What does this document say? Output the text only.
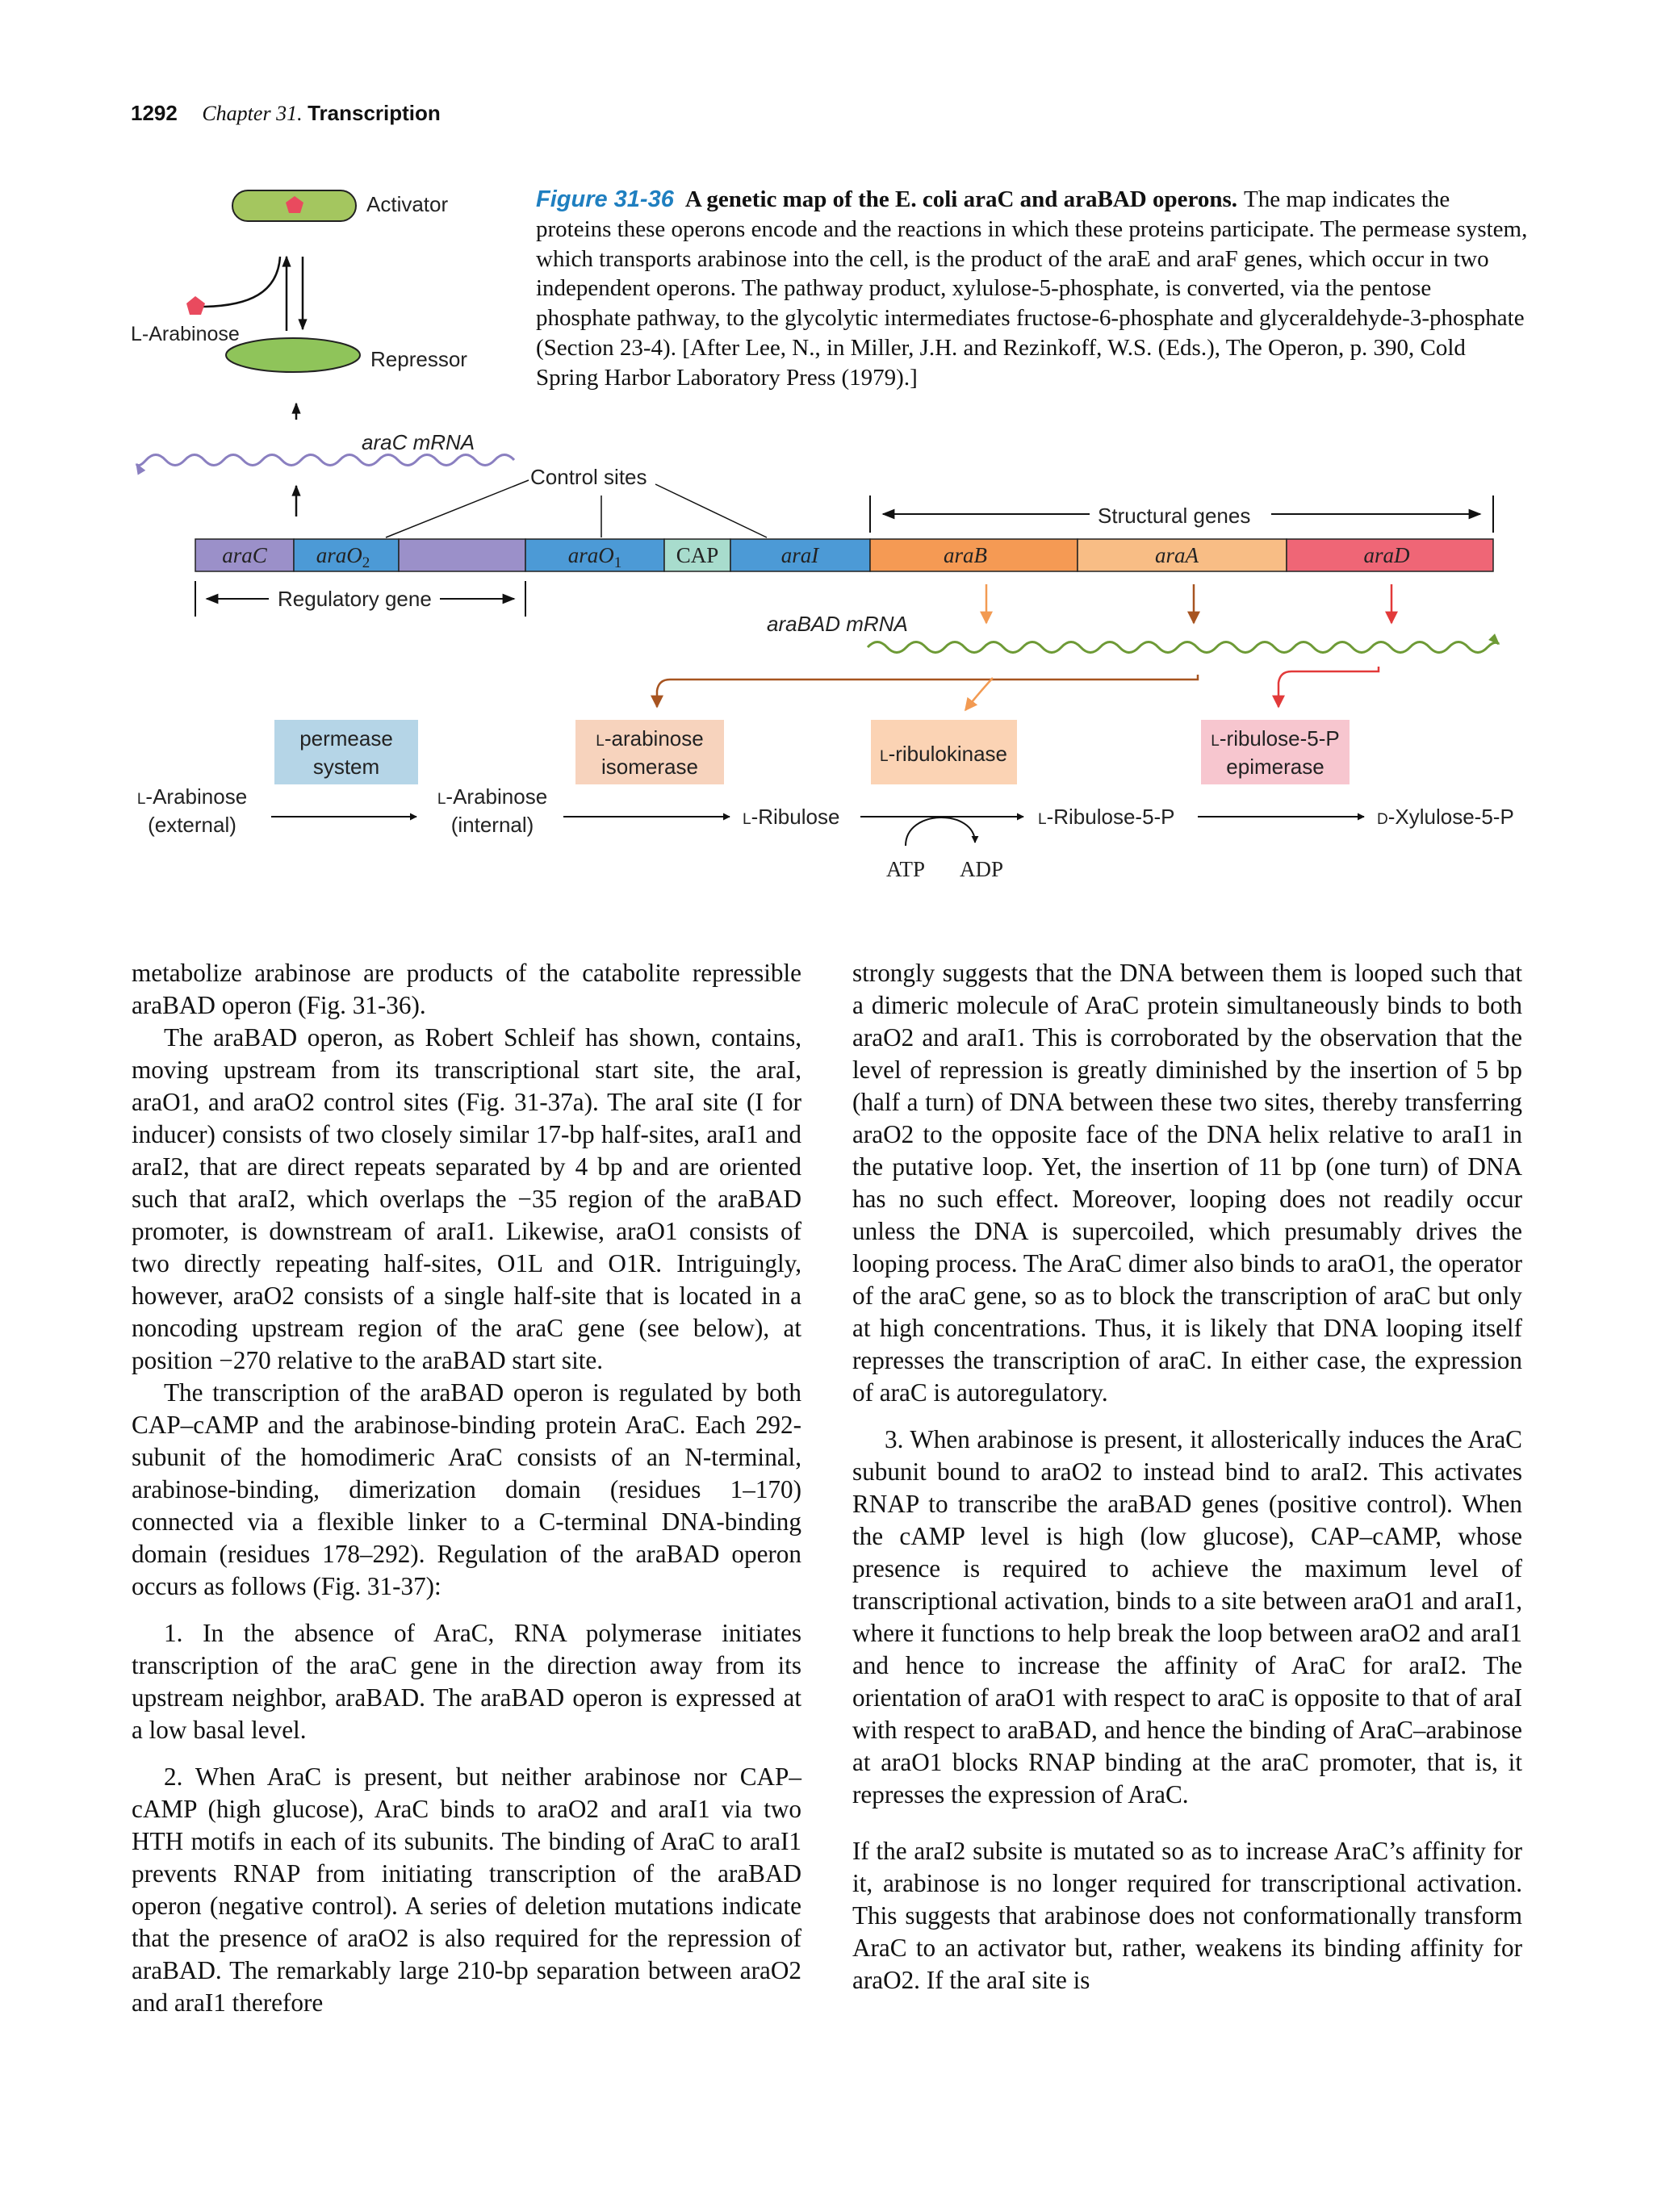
1292 Chapter 31. Transcription
Figure 31-36 A genetic map of the E. coli araC and araBAD operons. The map indicates the proteins these operons encode and the reactions in which these proteins participate. The permease system, which transports arabinose into the cell, is the product of the araE and araF genes, which occur in two independent operons. The pathway product, xylulose-5-phosphate, is converted, via the pentose phosphate pathway, to the glycolytic intermediates fructose-6-phosphate and glyceraldehyde-3-phosphate (Section 23-4). [After Lee, N., in Miller, J.H. and Rezinkoff, W.S. (Eds.), The Operon, p. 390, Cold Spring Harbor Laboratory Press (1979).]
Activator
Repressor
L-Arabinose
araC mRNA
Control sites
Structural genes
araC araO$_2$	araO$_1$ CAP	araI	araB	araA	araD
Regulatory gene
araBAD mRNA
permease
system
L-arabinose
isomerase	L-ribulokinase
L-ribulose-5-P
epimerase
L-Arabinose
(external)
L-Arabinose
(internal)	L-Ribulose
ATP ADP
L-Ribulose-5-P	D-Xylulose-5-P

metabolize arabinose are products of the catabolite repressible araBAD operon (Fig. 31-36).

The araBAD operon, as Robert Schleif has shown, contains, moving upstream from its transcriptional start site, the araI, araO1, and araO2 control sites (Fig. 31-37a). The araI site (I for inducer) consists of two closely similar 17-bp half-sites, araI1 and araI2, that are direct repeats separated by 4 bp and are oriented such that araI2, which overlaps the −35 region of the araBAD promoter, is downstream of araI1. Likewise, araO1 consists of two directly repeating half-sites, O1L and O1R. Intriguingly, however, araO2 consists of a single half-site that is located in a noncoding upstream region of the araC gene (see below), at position −270 relative to the araBAD start site.

The transcription of the araBAD operon is regulated by both CAP–cAMP and the arabinose-binding protein AraC. Each 292-subunit of the homodimeric AraC consists of an N-terminal, arabinose-binding, dimerization domain (residues 1–170) connected via a flexible linker to a C-terminal DNA-binding domain (residues 178–292). Regulation of the araBAD operon occurs as follows (Fig. 31-37):

1. In the absence of AraC, RNA polymerase initiates transcription of the araC gene in the direction away from its upstream neighbor, araBAD. The araBAD operon is expressed at a low basal level.

2. When AraC is present, but neither arabinose nor CAP–cAMP (high glucose), AraC binds to araO2 and araI1 via two HTH motifs in each of its subunits. The binding of AraC to araI1 prevents RNAP from initiating transcription of the araBAD operon (negative control). A series of deletion mutations indicate that the presence of araO2 is also required for the repression of araBAD. The remarkably large 210-bp separation between araO2 and araI1 therefore

strongly suggests that the DNA between them is looped such that a dimeric molecule of AraC protein simultaneously binds to both araO2 and araI1. This is corroborated by the observation that the level of repression is greatly diminished by the insertion of 5 bp (half a turn) of DNA between these two sites, thereby transferring araO2 to the opposite face of the DNA helix relative to araI1 in the putative loop. Yet, the insertion of 11 bp (one turn) of DNA has no such effect. Moreover, looping does not readily occur unless the DNA is supercoiled, which presumably drives the looping process. The AraC dimer also binds to araO1, the operator of the araC gene, so as to block the transcription of araC but only at high concentrations. Thus, it is likely that DNA looping itself represses the transcription of araC. In either case, the expression of araC is autoregulatory.

3. When arabinose is present, it allosterically induces the AraC subunit bound to araO2 to instead bind to araI2. This activates RNAP to transcribe the araBAD genes (positive control). When the cAMP level is high (low glucose), CAP–cAMP, whose presence is required to achieve the maximum level of transcriptional activation, binds to a site between araO1 and araI1, where it functions to help break the loop between araO2 and araI1 and hence to increase the affinity of AraC for araI2. The orientation of araO1 with respect to araC is opposite to that of araI with respect to araBAD, and hence the binding of AraC–arabinose at araO1 blocks RNAP binding at the araC promoter, that is, it represses the expression of AraC.

If the araI2 subsite is mutated so as to increase AraC’s affinity for it, arabinose is no longer required for transcriptional activation. This suggests that arabinose does not conformationally transform AraC to an activator but, rather, weakens its binding affinity for araO2. If the araI site is
